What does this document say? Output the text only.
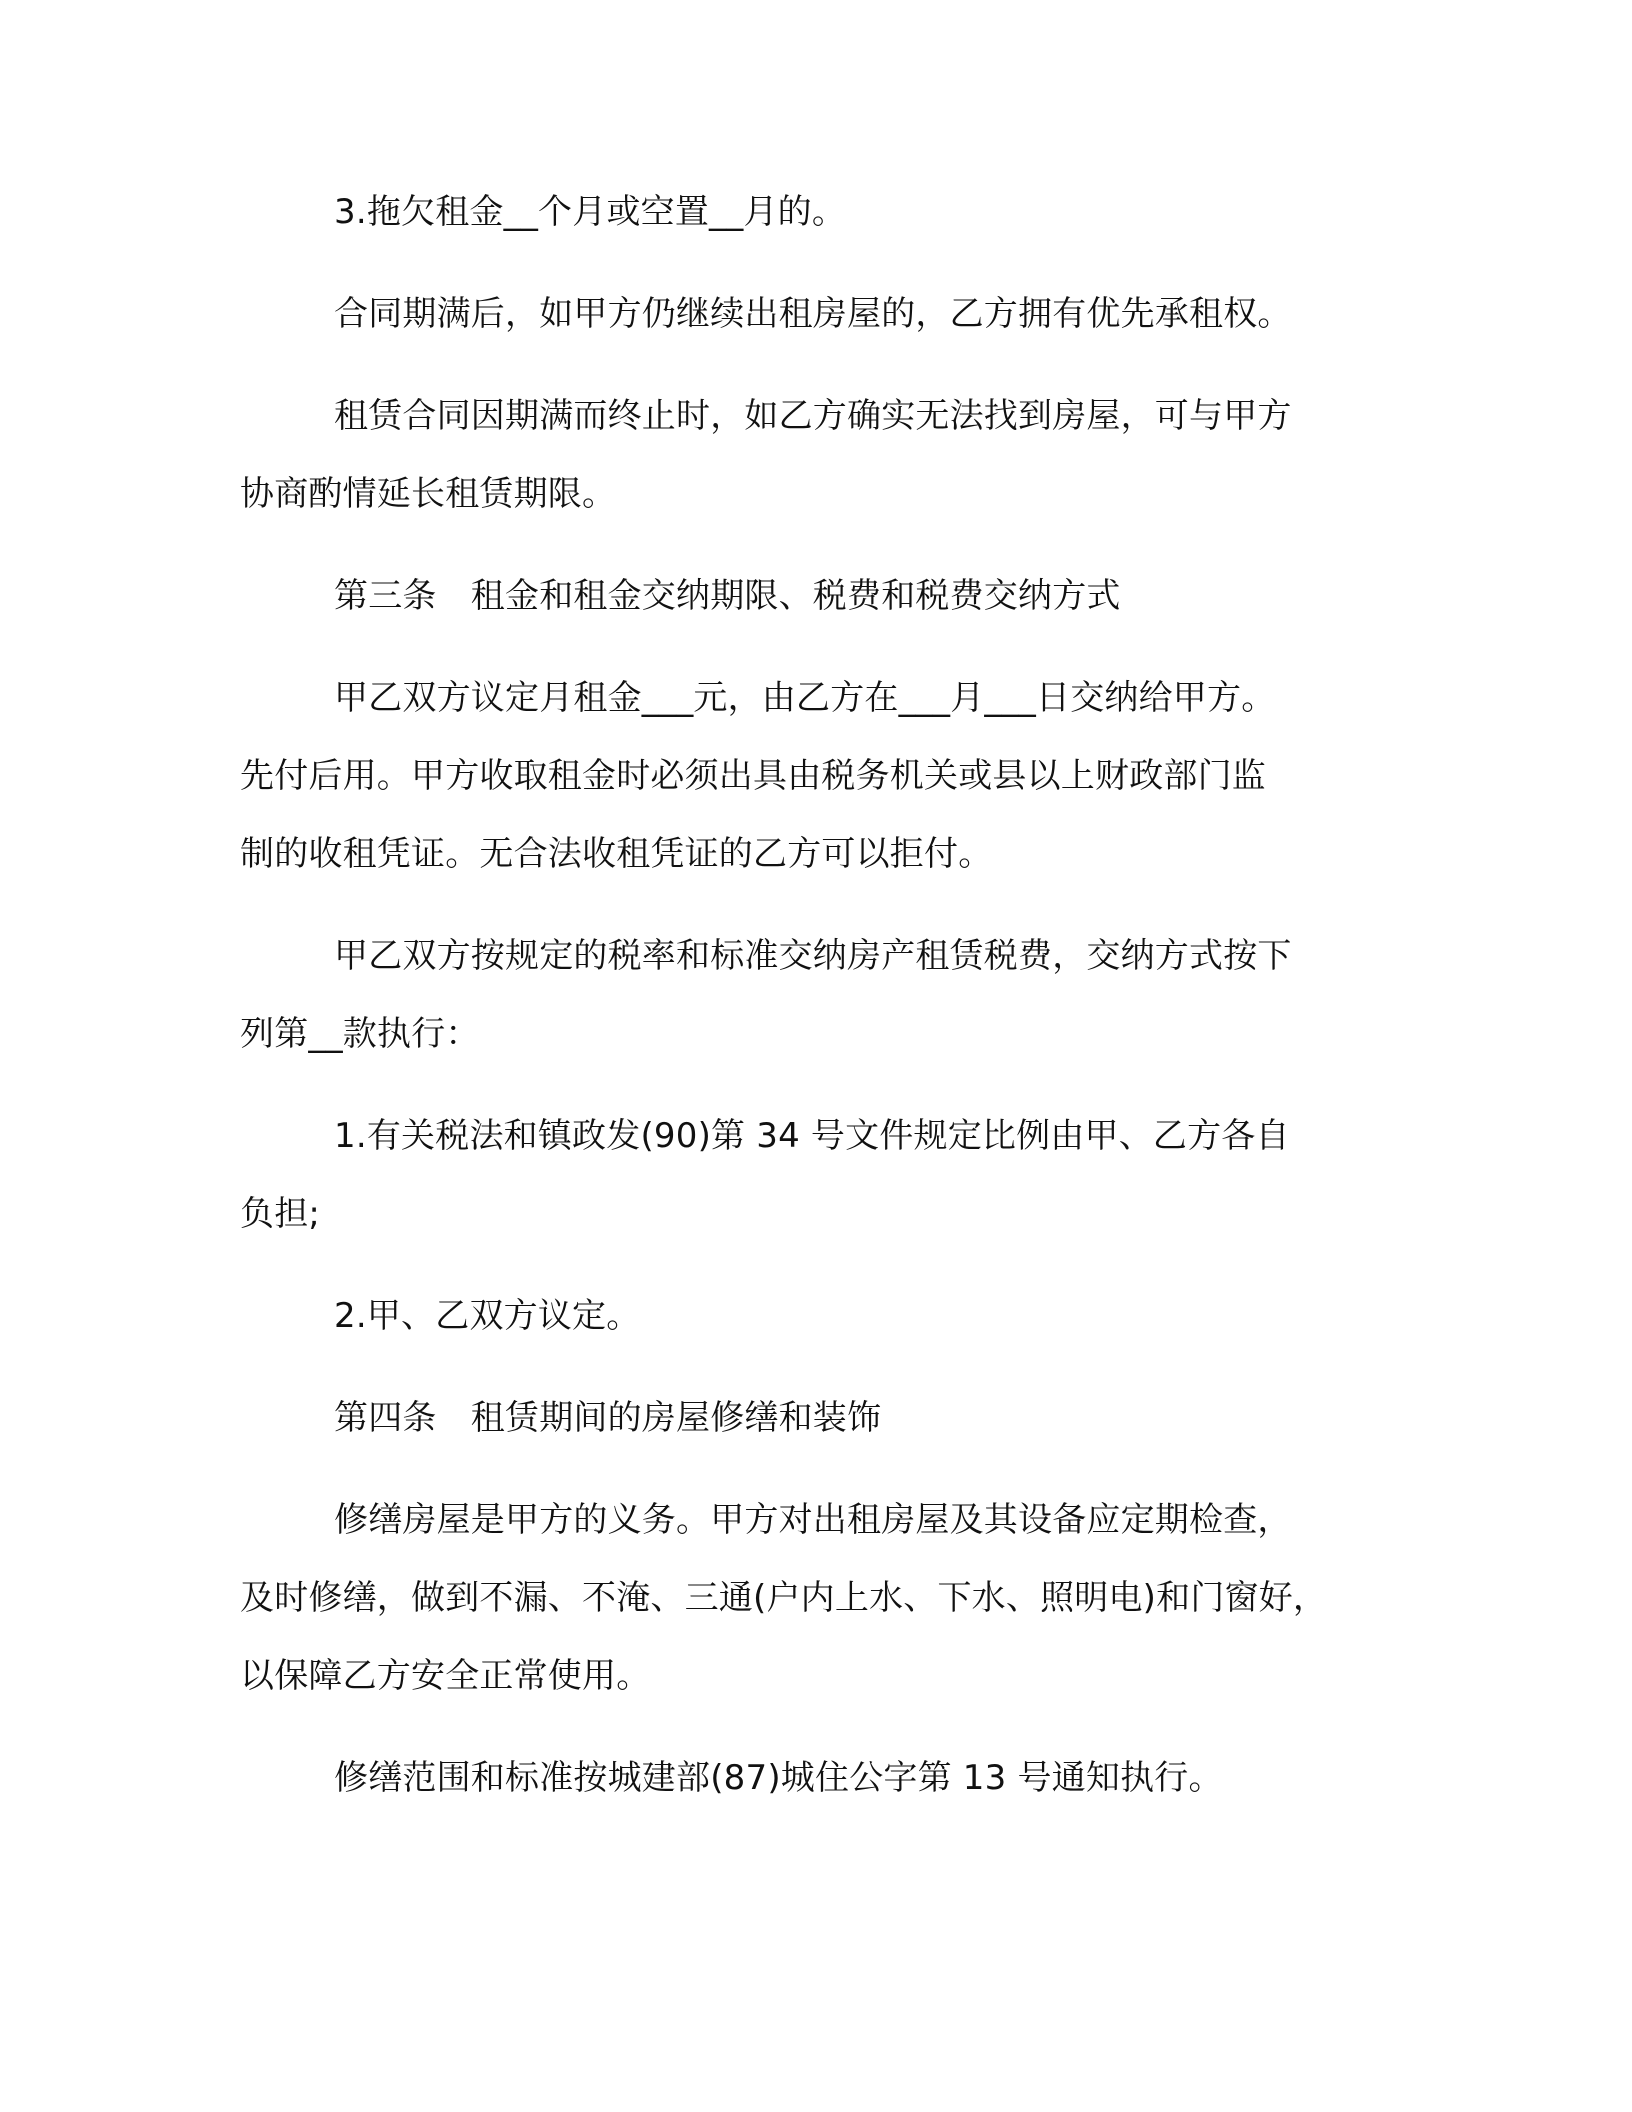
3.拖欠租金__个月或空置__月的。
合同期满后，如甲方仍继续出租房屋的，乙方拥有优先承租权。
租赁合同因期满而终止时，如乙方确实无法找到房屋，可与甲方
协商酌情延长租赁期限。
第三条　租金和租金交纳期限、税费和税费交纳方式
甲乙双方议定月租金___元，由乙方在___月___日交纳给甲方。
先付后用。甲方收取租金时必须出具由税务机关或县以上财政部门监
制的收租凭证。无合法收租凭证的乙方可以拒付。
甲乙双方按规定的税率和标准交纳房产租赁税费，交纳方式按下
列第__款执行：
1.有关税法和镇政发(90)第 34 号文件规定比例由甲、乙方各自
负担;
2.甲、乙双方议定。
第四条　租赁期间的房屋修缮和装饰
修缮房屋是甲方的义务。甲方对出租房屋及其设备应定期检查，
及时修缮，做到不漏、不淹、三通(户内上水、下水、照明电)和门窗好，
以保障乙方安全正常使用。
修缮范围和标准按城建部(87)城住公字第 13 号通知执行。
